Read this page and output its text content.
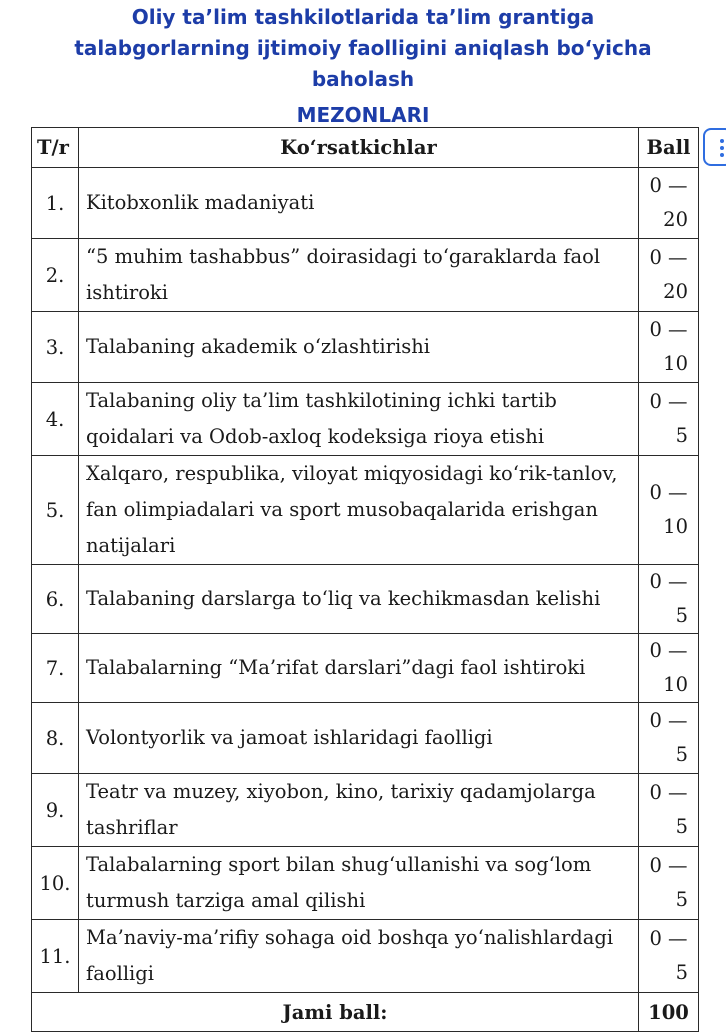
Oliy ta’lim tashkilotlarida ta’lim grantiga
talabgorlarning ijtimoiy faolligini aniqlash bo‘yicha
baholash
MEZONLARI
T/r	Ko‘rsatkichlar	Ball
1.	Kitobxonlik madaniyati	0 —
20

2.	“5 muhim tashabbus” doirasidagi to‘garaklarda faol ishtiroki	0 —
20

3.	Talabaning akademik o‘zlashtirishi	0 —
10

4.	Talabaning oliy ta’lim tashkilotining ichki tartib qoidalari va Odob-axloq kodeksiga rioya etishi	0 —
5

5.	Xalqaro, respublika, viloyat miqyosidagi ko‘rik-tanlov, fan olimpiadalari va sport musobaqalarida erishgan natijalari	0 —
10

6.	Talabaning darslarga to‘liq va kechikmasdan kelishi	0 —
5

7.	Talabalarning “Ma’rifat darslari”dagi faol ishtiroki	0 —
10

8.	Volontyorlik va jamoat ishlaridagi faolligi	0 —
5

9.	Teatr va muzey, xiyobon, kino, tarixiy qadamjolarga tashriflar	0 —
5

10.	Talabalarning sport bilan shug‘ullanishi va sog‘lom turmush tarziga amal qilishi	0 —
5

11.	Ma’naviy-ma’rifiy sohaga oid boshqa yo‘nalishlardagi faolligi	0 —
5

Jami ball:		100
